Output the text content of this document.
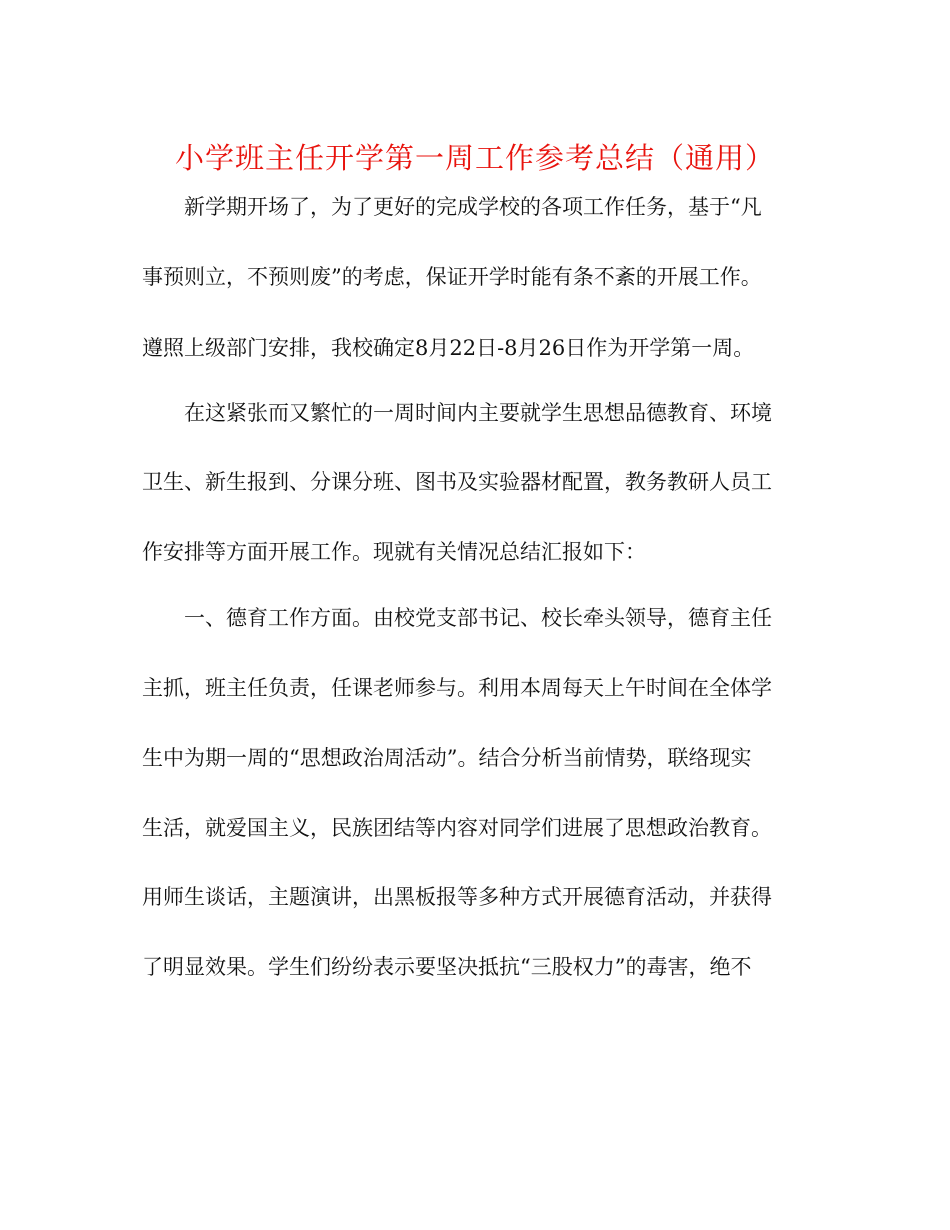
小学班主任开学第一周工作参考总结（通用）
新学期开场了，为了更好的完成学校的各项工作任务，基于“凡
事预则立，不预则废”的考虑，保证开学时能有条不紊的开展工作。
遵照上级部门安排，我校确定8月22日-8月26日作为开学第一周。
在这紧张而又繁忙的一周时间内主要就学生思想品德教育、环境
卫生、新生报到、分课分班、图书及实验器材配置，教务教研人员工
作安排等方面开展工作。现就有关情况总结汇报如下：
一、德育工作方面。由校党支部书记、校长牵头领导，德育主任
主抓，班主任负责，任课老师参与。利用本周每天上午时间在全体学
生中为期一周的“思想政治周活动”。结合分析当前情势，联络现实
生活，就爱国主义，民族团结等内容对同学们进展了思想政治教育。
用师生谈话，主题演讲，出黑板报等多种方式开展德育活动，并获得
了明显效果。学生们纷纷表示要坚决抵抗“三股权力”的毒害，绝不
